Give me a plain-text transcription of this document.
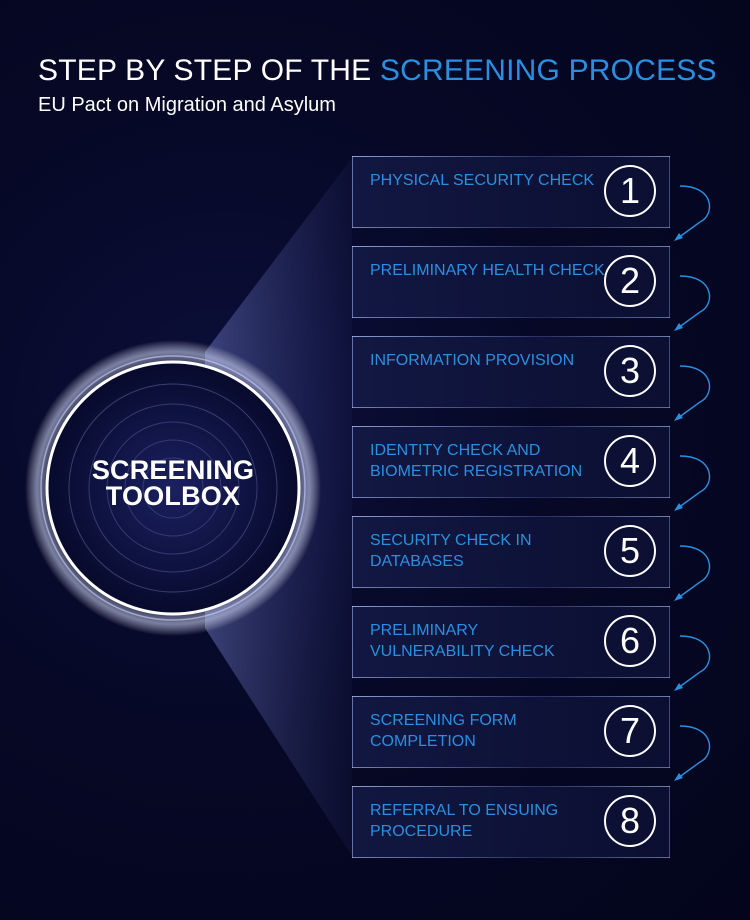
STEP BY STEP OF THE SCREENING PROCESS
EU Pact on Migration and Asylum
SCREENING
TOOLBOX
PHYSICAL SECURITY CHECK 1
PRELIMINARY HEALTH CHECK 2
INFORMATION PROVISION	3
IDENTITY CHECK AND BIOMETRIC REGISTRATION	4
SECURITY CHECK IN DATABASES	5
PRELIMINARY VULNERABILITY CHECK	6
SCREENING FORM COMPLETION	7
REFERRAL TO ENSUING PROCEDURE	8
